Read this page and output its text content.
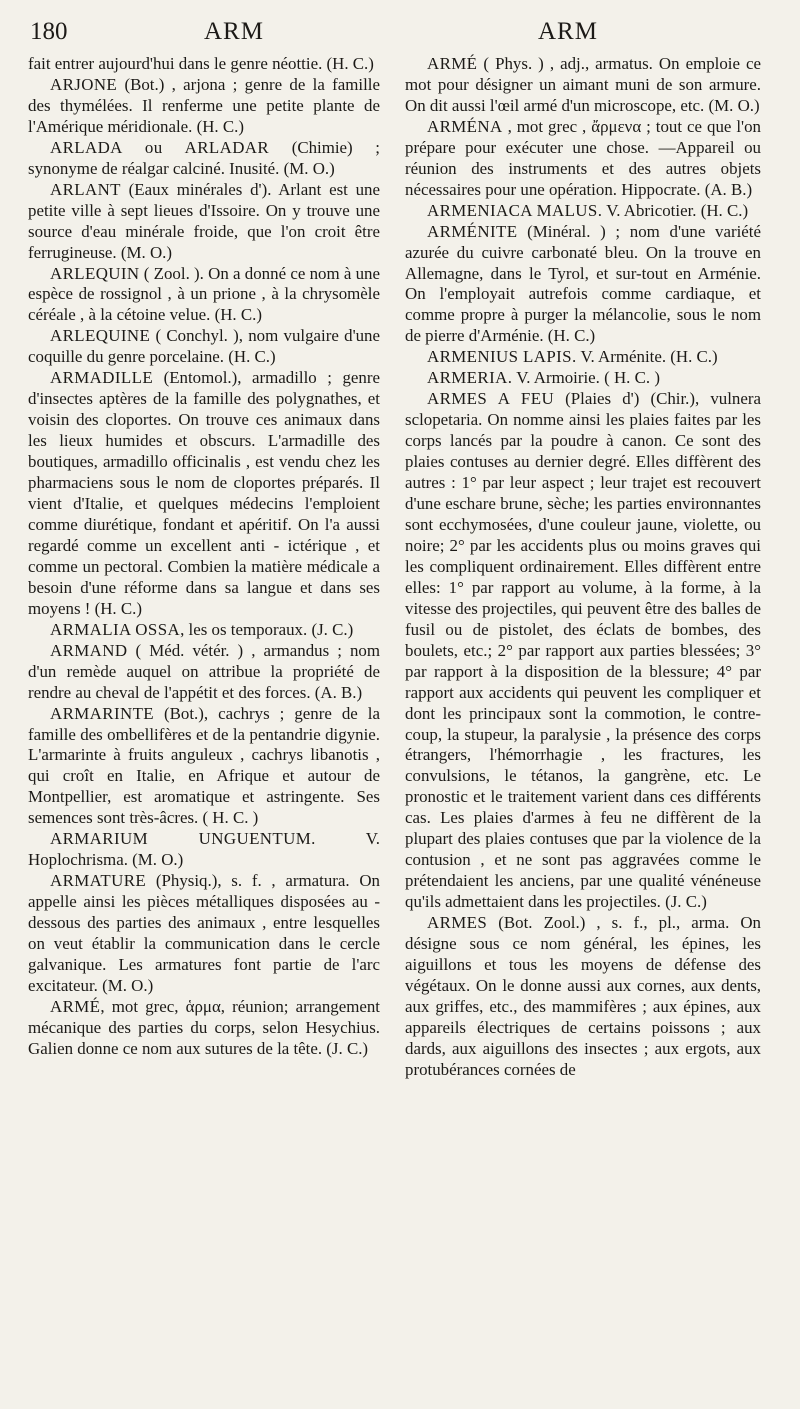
180	ARM	ARM

fait entrer aujourd'hui dans le genre néottie. (H. C.)

ARJONE (Bot.) , arjona ; genre de la famille des thymélées. Il renferme une petite plante de l'Amérique méridionale. (H. C.)

ARLADA ou ARLADAR (Chimie) ; synonyme de réalgar calciné. Inusité. (M. O.)

ARLANT (Eaux minérales d'). Arlant est une petite ville à sept lieues d'Issoire. On y trouve une source d'eau minérale froide, que l'on croit être ferrugineuse. (M. O.)

ARLEQUIN ( Zool. ). On a donné ce nom à une espèce de rossignol , à un prione , à la chrysomèle céréale , à la cétoine velue. (H. C.)

ARLEQUINE ( Conchyl. ), nom vulgaire d'une coquille du genre porcelaine. (H. C.)

ARMADILLE (Entomol.), armadillo ; genre d'insectes aptères de la famille des polygnathes, et voisin des cloportes. On trouve ces animaux dans les lieux humides et obscurs. L'armadille des boutiques, armadillo officinalis , est vendu chez les pharmaciens sous le nom de cloportes préparés. Il vient d'Italie, et quelques médecins l'emploient comme diurétique, fondant et apéritif. On l'a aussi regardé comme un excellent anti - ictérique , et comme un pectoral. Combien la matière médicale a besoin d'une réforme dans sa langue et dans ses moyens ! (H. C.)

ARMALIA OSSA, les os temporaux. (J. C.)

ARMAND ( Méd. vétér. ) , armandus ; nom d'un remède auquel on attribue la propriété de rendre au cheval de l'appétit et des forces. (A. B.)

ARMARINTE (Bot.), cachrys ; genre de la famille des ombellifères et de la pentandrie digynie. L'armarinte à fruits anguleux , cachrys libanotis , qui croît en Italie, en Afrique et autour de Montpellier, est aromatique et astringente. Ses semences sont très-âcres. ( H. C. )

ARMARIUM UNGUENTUM. V. Hoplochrisma. (M. O.)

ARMATURE (Physiq.), s. f. , armatura. On appelle ainsi les pièces métalliques disposées au - dessous des parties des animaux , entre lesquelles on veut établir la communication dans le cercle galvanique. Les armatures font partie de l'arc excitateur. (M. O.)

ARMÉ, mot grec, ἁρμα, réunion; arrangement mécanique des parties du corps, selon Hesychius. Galien donne ce nom aux sutures de la tête. (J. C.)

ARMÉ ( Phys. ) , adj., armatus. On emploie ce mot pour désigner un aimant muni de son armure. On dit aussi l'œil armé d'un microscope, etc. (M. O.)

ARMÉNA , mot grec , ἄρμενα ; tout ce que l'on prépare pour exécuter une chose. —Appareil ou réunion des instruments et des autres objets nécessaires pour une opération. Hippocrate. (A. B.)

ARMENIACA MALUS. V. Abricotier. (H. C.)

ARMÉNITE (Minéral. ) ; nom d'une variété azurée du cuivre carbonaté bleu. On la trouve en Allemagne, dans le Tyrol, et sur-tout en Arménie. On l'employait autrefois comme cardiaque, et comme propre à purger la mélancolie, sous le nom de pierre d'Arménie. (H. C.)

ARMENIUS LAPIS. V. Arménite. (H. C.)

ARMERIA. V. Armoirie. ( H. C. )

ARMES A FEU (Plaies d') (Chir.), vulnera sclopetaria. On nomme ainsi les plaies faites par les corps lancés par la poudre à canon. Ce sont des plaies contuses au dernier degré. Elles diffèrent des autres : 1° par leur aspect ; leur trajet est recouvert d'une eschare brune, sèche; les parties environnantes sont ecchymosées, d'une couleur jaune, violette, ou noire; 2° par les accidents plus ou moins graves qui les compliquent ordinairement. Elles diffèrent entre elles: 1° par rapport au volume, à la forme, à la vitesse des projectiles, qui peuvent être des balles de fusil ou de pistolet, des éclats de bombes, des boulets, etc.; 2° par rapport aux parties blessées; 3° par rapport à la disposition de la blessure; 4° par rapport aux accidents qui peuvent les compliquer et dont les principaux sont la commotion, le contre-coup, la stupeur, la paralysie , la présence des corps étrangers, l'hémorrhagie , les fractures, les convulsions, le tétanos, la gangrène, etc. Le pronostic et le traitement varient dans ces différents cas. Les plaies d'armes à feu ne diffèrent de la plupart des plaies contuses que par la violence de la contusion , et ne sont pas aggravées comme le prétendaient les anciens, par une qualité vénéneuse qu'ils admettaient dans les projectiles. (J. C.)

ARMES (Bot. Zool.) , s. f., pl., arma. On désigne sous ce nom général, les épines, les aiguillons et tous les moyens de défense des végétaux. On le donne aussi aux cornes, aux dents, aux griffes, etc., des mammifères ; aux épines, aux appareils électriques de certains poissons ; aux dards, aux aiguillons des insectes ; aux ergots, aux protubérances cornées de
